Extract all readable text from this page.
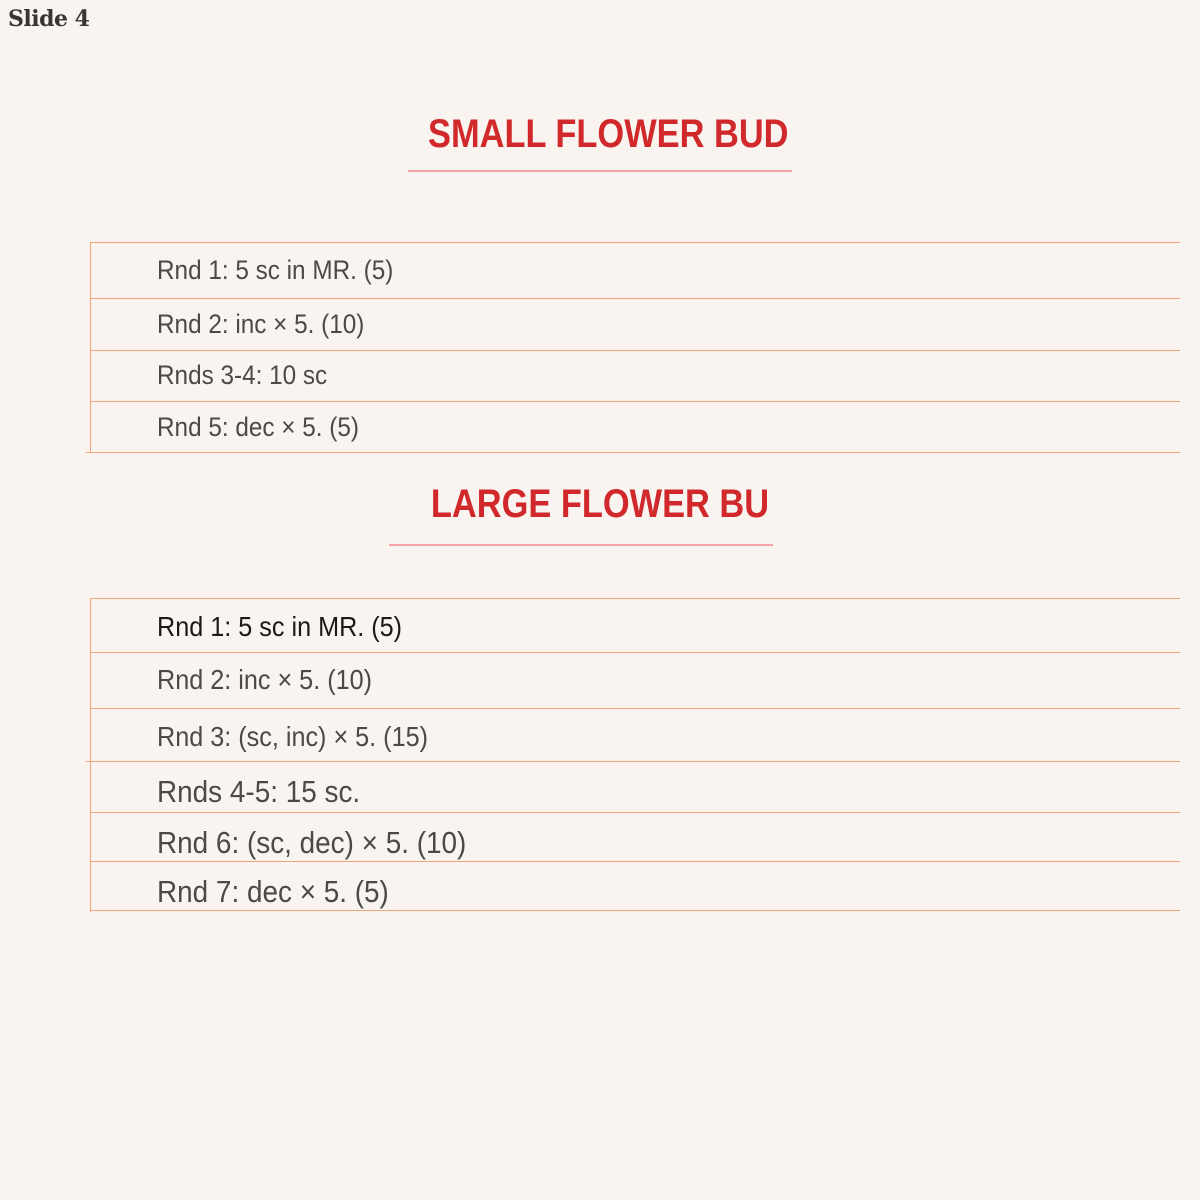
Slide 4
SMALL FLOWER BUD
Rnd 1: 5 sc in MR. (5)
Rnd 2: inc × 5. (10)
Rnds 3-4: 10 sc
Rnd 5: dec × 5. (5)
LARGE FLOWER BU
Rnd 1: 5 sc in MR. (5)
Rnd 2: inc × 5. (10)
Rnd 3: (sc, inc) × 5. (15)
Rnds 4-5: 15 sc.
Rnd 6: (sc, dec) × 5. (10)
Rnd 7: dec × 5. (5)
